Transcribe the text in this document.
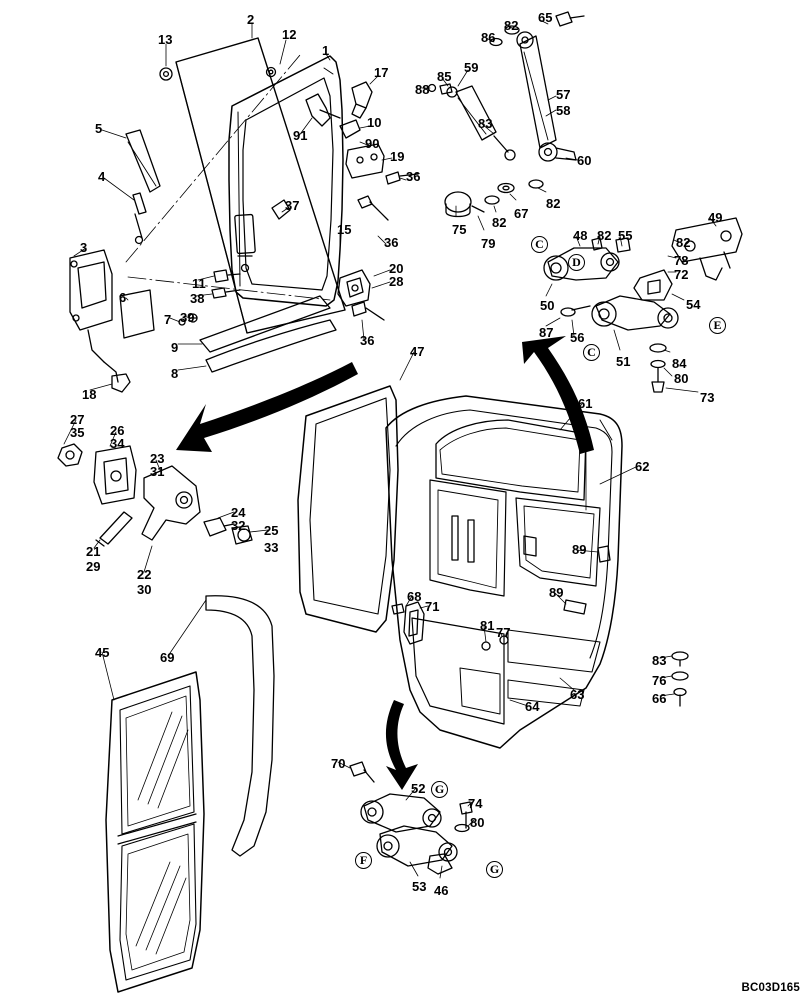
13
2
12
1
17
10
90
91
19
36
5
4
37
15
36
3
11
38
6
39
7
9
8
18
20
28
36
75
79
88
85
59
86
82
65
57
58
83
60
82
67
82	49
48 82 55	82
78
72
50
87 56
51
54
84
80
73
47
61
62
89
89
63
64
68
71
81 77
83
76
66
27
35 26
34
23
31
24
32 25
33
21
29
22
30
45	69
70
52
74
80
53 46
C
D
C
E
G
F
G
BC03D165
